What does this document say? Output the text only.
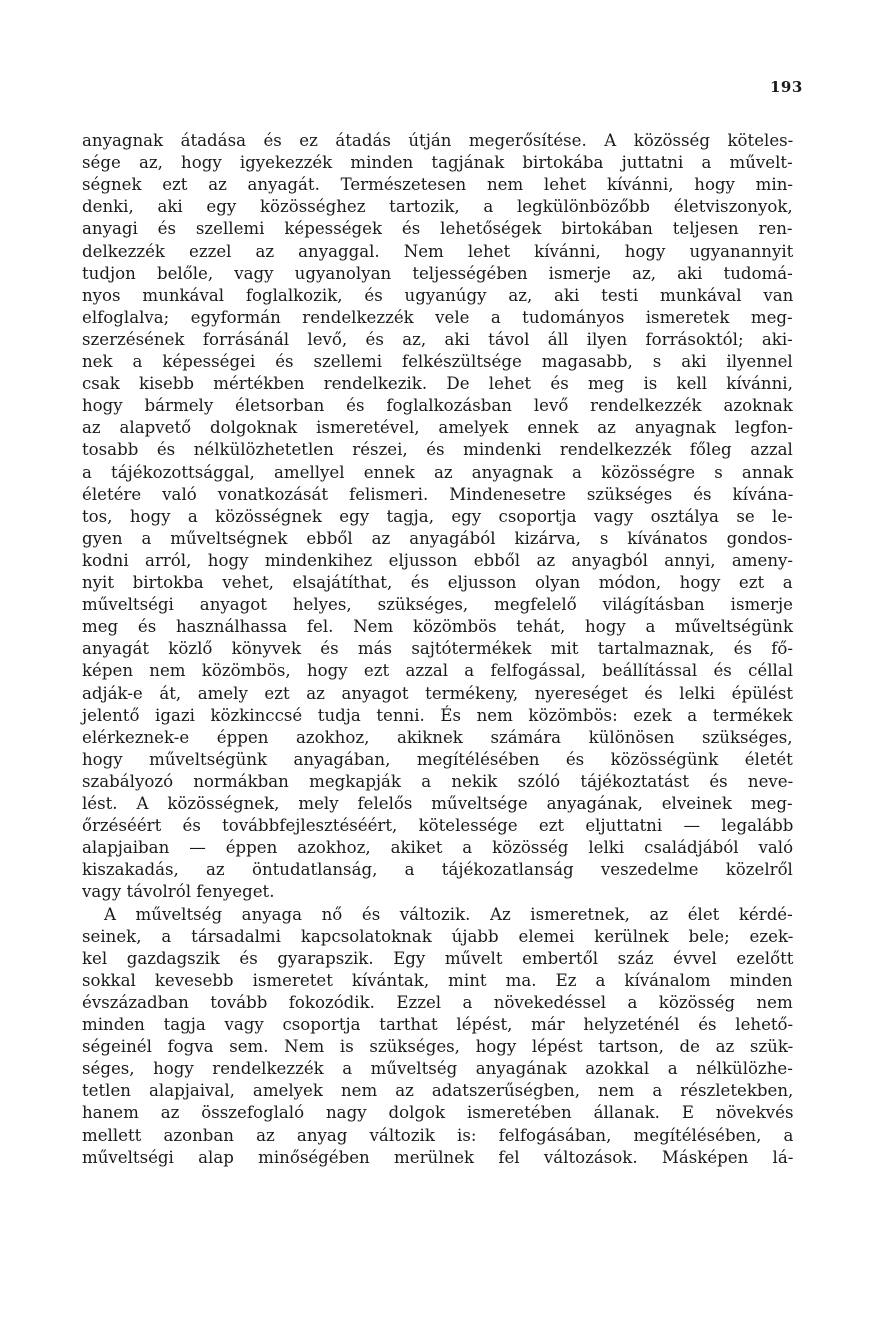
193
anyagnak átadása és ez átadás útján megerősítése. A közösség köteles-
sége az, hogy igyekezzék minden tagjának birtokába juttatni a művelt-
ségnek ezt az anyagát. Természetesen nem lehet kívánni, hogy min-
denki, aki egy közösséghez tartozik, a legkülönbözőbb életviszonyok,
anyagi és szellemi képességek és lehetőségek birtokában teljesen ren-
delkezzék ezzel az anyaggal. Nem lehet kívánni, hogy ugyanannyit
tudjon belőle, vagy ugyanolyan teljességében ismerje az, aki tudomá-
nyos munkával foglalkozik, és ugyanúgy az, aki testi munkával van
elfoglalva; egyformán rendelkezzék vele a tudományos ismeretek meg-
szerzésének forrásánál levő, és az, aki távol áll ilyen forrásoktól; aki-
nek a képességei és szellemi felkészültsége magasabb, s aki ilyennel
csak kisebb mértékben rendelkezik. De lehet és meg is kell kívánni,
hogy bármely életsorban és foglalkozásban levő rendelkezzék azoknak
az alapvető dolgoknak ismeretével, amelyek ennek az anyagnak legfon-
tosabb és nélkülözhetetlen részei, és mindenki rendelkezzék főleg azzal
a tájékozottsággal, amellyel ennek az anyagnak a közösségre s annak
életére való vonatkozását felismeri. Mindenesetre szükséges és kívána-
tos, hogy a közösségnek egy tagja, egy csoportja vagy osztálya se le-
gyen a műveltségnek ebből az anyagából kizárva, s kívánatos gondos-
kodni arról, hogy mindenkihez eljusson ebből az anyagból annyi, ameny-
nyit birtokba vehet, elsajátíthat, és eljusson olyan módon, hogy ezt a
műveltségi anyagot helyes, szükséges, megfelelő világításban ismerje
meg és használhassa fel. Nem közömbös tehát, hogy a műveltségünk
anyagát közlő könyvek és más sajtótermékek mit tartalmaznak, és fő-
képen nem közömbös, hogy ezt azzal a felfogással, beállítással és céllal
adják-e át, amely ezt az anyagot termékeny, nyereséget és lelki épülést
jelentő igazi közkinccsé tudja tenni. És nem közömbös: ezek a termékek
elérkeznek-e éppen azokhoz, akiknek számára különösen szükséges,
hogy műveltségünk anyagában, megítélésében és közösségünk életét
szabályozó normákban megkapják a nekik szóló tájékoztatást és neve-
lést. A közösségnek, mely felelős műveltsége anyagának, elveinek meg-
őrzéséért és továbbfejlesztéséért, kötelessége ezt eljuttatni — legalább
alapjaiban — éppen azokhoz, akiket a közösség lelki családjából való
kiszakadás, az öntudatlanság, a tájékozatlanság veszedelme közelről
vagy távolról fenyeget.
A műveltség anyaga nő és változik. Az ismeretnek, az élet kérdé-
seinek, a társadalmi kapcsolatoknak újabb elemei kerülnek bele; ezek-
kel gazdagszik és gyarapszik. Egy művelt embertől száz évvel ezelőtt
sokkal kevesebb ismeretet kívántak, mint ma. Ez a kívánalom minden
évszázadban tovább fokozódik. Ezzel a növekedéssel a közösség nem
minden tagja vagy csoportja tarthat lépést, már helyzeténél és lehető-
ségeinél fogva sem. Nem is szükséges, hogy lépést tartson, de az szük-
séges, hogy rendelkezzék a műveltség anyagának azokkal a nélkülözhe-
tetlen alapjaival, amelyek nem az adatszerűségben, nem a részletekben,
hanem az összefoglaló nagy dolgok ismeretében állanak. E növekvés
mellett azonban az anyag változik is: felfogásában, megítélésében, a
műveltségi alap minőségében merülnek fel változások. Másképen lá-
